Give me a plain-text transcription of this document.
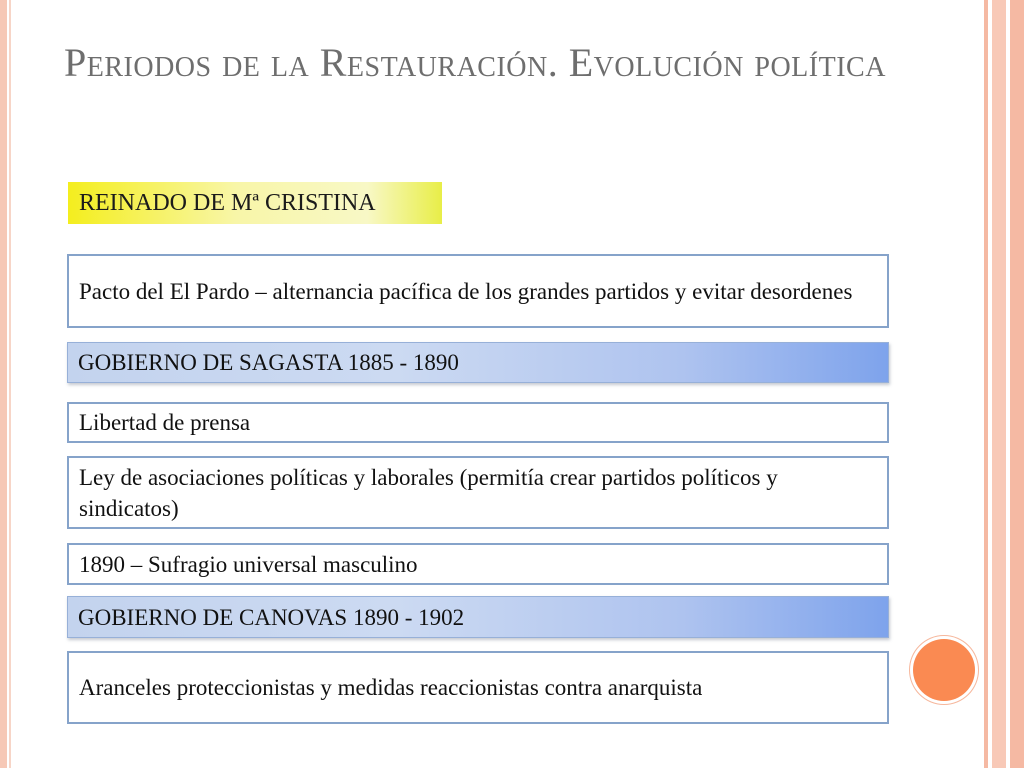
Periodos de la Restauración. Evolución política
REINADO DE Mª CRISTINA
Pacto del El Pardo – alternancia pacífica de los grandes partidos y evitar desordenes
GOBIERNO DE SAGASTA 1885 - 1890
Libertad de prensa
Ley de asociaciones políticas y laborales (permitía crear partidos políticos y sindicatos)
1890 – Sufragio universal masculino
GOBIERNO DE CANOVAS 1890 - 1902
Aranceles proteccionistas y medidas reaccionistas contra anarquista
